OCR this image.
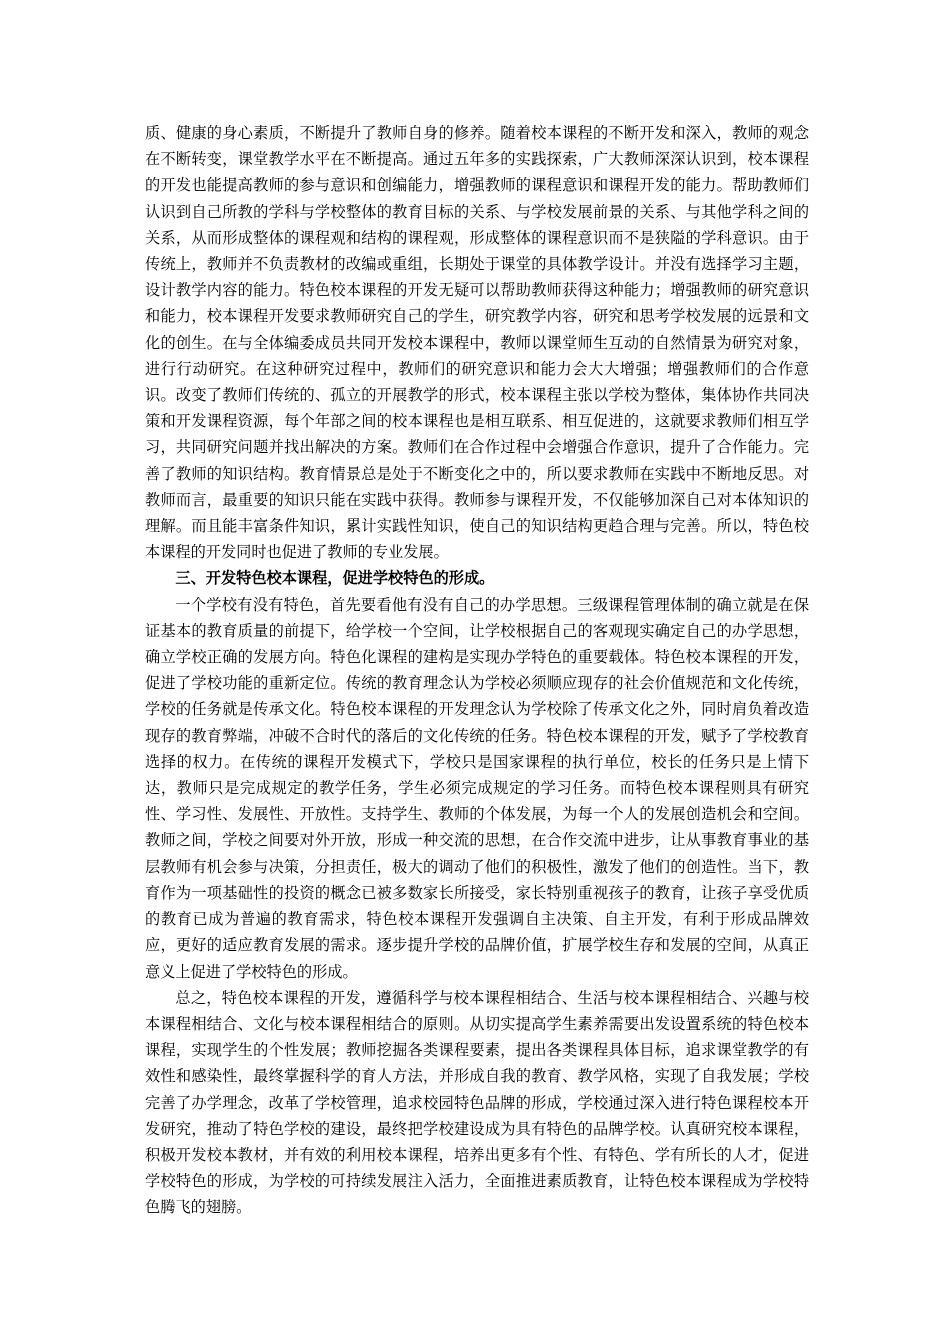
质、健康的身心素质，不断提升了教师自身的修养。随着校本课程的不断开发和深入，教师的观念在不断转变，课堂教学水平在不断提高。通过五年多的实践探索，广大教师深深认识到，校本课程的开发也能提高教师的参与意识和创编能力，增强教师的课程意识和课程开发的能力。帮助教师们认识到自己所教的学科与学校整体的教育目标的关系、与学校发展前景的关系、与其他学科之间的关系，从而形成整体的课程观和结构的课程观，形成整体的课程意识而不是狭隘的学科意识。由于传统上，教师并不负责教材的改编或重组，长期处于课堂的具体教学设计。并没有选择学习主题，设计教学内容的能力。特色校本课程的开发无疑可以帮助教师获得这种能力；增强教师的研究意识和能力，校本课程开发要求教师研究自己的学生，研究教学内容，研究和思考学校发展的远景和文化的创生。在与全体编委成员共同开发校本课程中，教师以课堂师生互动的自然情景为研究对象，进行行动研究。在这种研究过程中，教师们的研究意识和能力会大大增强；增强教师们的合作意识。改变了教师们传统的、孤立的开展教学的形式，校本课程主张以学校为整体，集体协作共同决策和开发课程资源，每个年部之间的校本课程也是相互联系、相互促进的，这就要求教师们相互学习，共同研究问题并找出解决的方案。教师们在合作过程中会增强合作意识，提升了合作能力。完善了教师的知识结构。教育情景总是处于不断变化之中的，所以要求教师在实践中不断地反思。对教师而言，最重要的知识只能在实践中获得。教师参与课程开发，不仅能够加深自己对本体知识的理解。而且能丰富条件知识，累计实践性知识，使自己的知识结构更趋合理与完善。所以，特色校本课程的开发同时也促进了教师的专业发展。

三、开发特色校本课程，促进学校特色的形成。

一个学校有没有特色，首先要看他有没有自己的办学思想。三级课程管理体制的确立就是在保证基本的教育质量的前提下，给学校一个空间，让学校根据自己的客观现实确定自己的办学思想，确立学校正确的发展方向。特色化课程的建构是实现办学特色的重要载体。特色校本课程的开发，促进了学校功能的重新定位。传统的教育理念认为学校必须顺应现存的社会价值规范和文化传统，学校的任务就是传承文化。特色校本课程的开发理念认为学校除了传承文化之外，同时肩负着改造现存的教育弊端，冲破不合时代的落后的文化传统的任务。特色校本课程的开发，赋予了学校教育选择的权力。在传统的课程开发模式下，学校只是国家课程的执行单位，校长的任务只是上情下达，教师只是完成规定的教学任务，学生必须完成规定的学习任务。而特色校本课程则具有研究性、学习性、发展性、开放性。支持学生、教师的个体发展，为每一个人的发展创造机会和空间。教师之间，学校之间要对外开放，形成一种交流的思想，在合作交流中进步，让从事教育事业的基层教师有机会参与决策，分担责任，极大的调动了他们的积极性，激发了他们的创造性。当下，教育作为一项基础性的投资的概念已被多数家长所接受，家长特别重视孩子的教育，让孩子享受优质的教育已成为普遍的教育需求，特色校本课程开发强调自主决策、自主开发，有利于形成品牌效应，更好的适应教育发展的需求。逐步提升学校的品牌价值，扩展学校生存和发展的空间，从真正意义上促进了学校特色的形成。

总之，特色校本课程的开发，遵循科学与校本课程相结合、生活与校本课程相结合、兴趣与校本课程相结合、文化与校本课程相结合的原则。从切实提高学生素养需要出发设置系统的特色校本课程，实现学生的个性发展；教师挖掘各类课程要素，提出各类课程具体目标，追求课堂教学的有效性和感染性，最终掌握科学的育人方法，并形成自我的教育、教学风格，实现了自我发展；学校完善了办学理念，改革了学校管理，追求校园特色品牌的形成，学校通过深入进行特色课程校本开发研究，推动了特色学校的建设，最终把学校建设成为具有特色的品牌学校。认真研究校本课程，积极开发校本教材，并有效的利用校本课程，培养出更多有个性、有特色、学有所长的人才，促进学校特色的形成，为学校的可持续发展注入活力，全面推进素质教育，让特色校本课程成为学校特色腾飞的翅膀。
